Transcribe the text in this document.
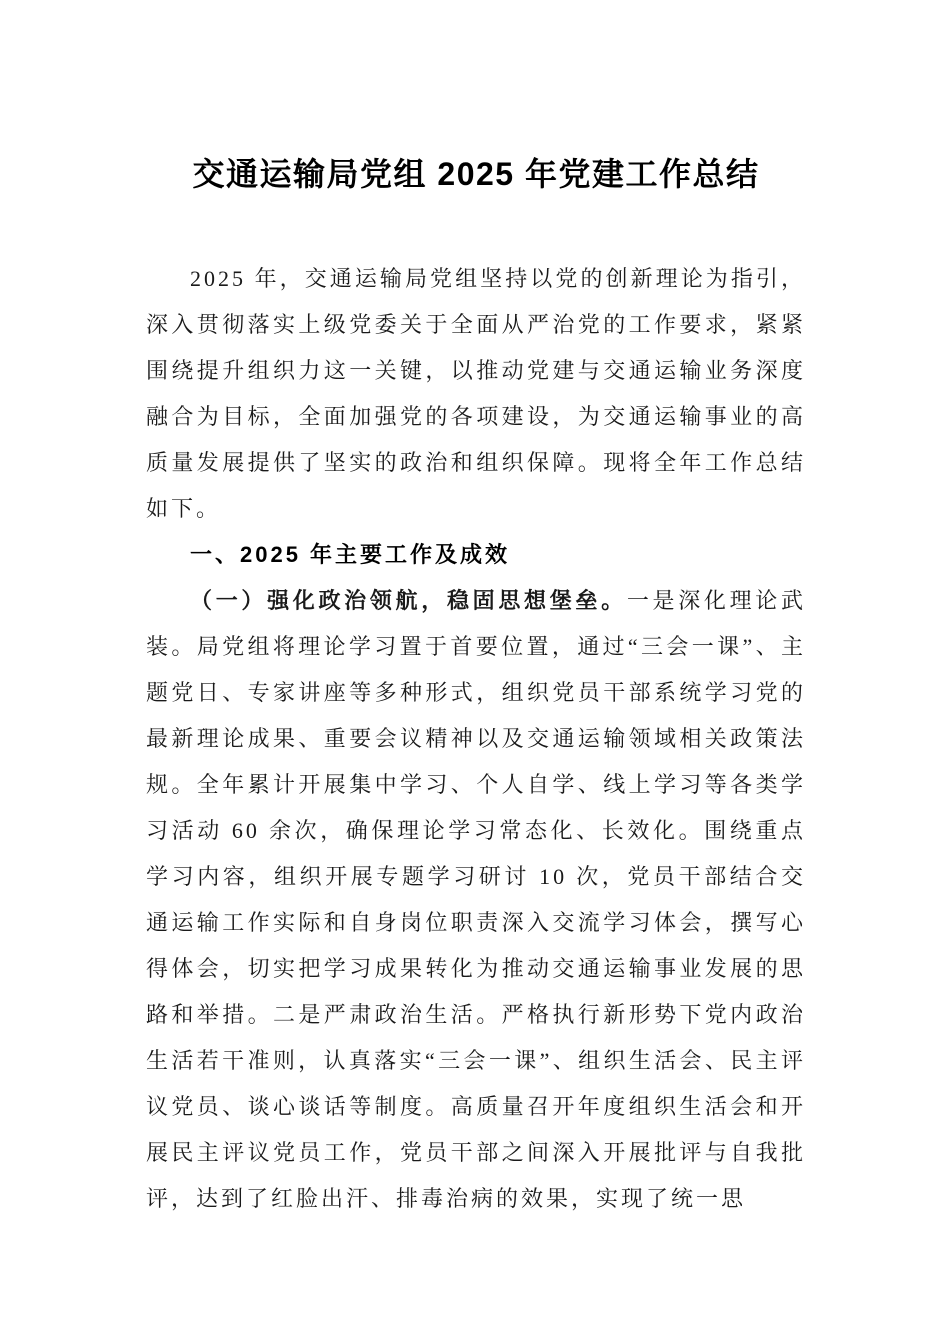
交通运输局党组 2025 年党建工作总结

2025 年，交通运输局党组坚持以党的创新理论为指引，深入贯彻落实上级党委关于全面从严治党的工作要求，紧紧围绕提升组织力这一关键，以推动党建与交通运输业务深度融合为目标，全面加强党的各项建设，为交通运输事业的高质量发展提供了坚实的政治和组织保障。现将全年工作总结如下。

一、2025 年主要工作及成效

（一）强化政治领航，稳固思想堡垒。一是深化理论武装。局党组将理论学习置于首要位置，通过“三会一课”、主题党日、专家讲座等多种形式，组织党员干部系统学习党的最新理论成果、重要会议精神以及交通运输领域相关政策法规。全年累计开展集中学习、个人自学、线上学习等各类学习活动 60 余次，确保理论学习常态化、长效化。围绕重点学习内容，组织开展专题学习研讨 10 次，党员干部结合交通运输工作实际和自身岗位职责深入交流学习体会，撰写心得体会，切实把学习成果转化为推动交通运输事业发展的思路和举措。二是严肃政治生活。严格执行新形势下党内政治生活若干准则，认真落实“三会一课”、组织生活会、民主评议党员、谈心谈话等制度。高质量召开年度组织生活会和开展民主评议党员工作，党员干部之间深入开展批评与自我批评，达到了红脸出汗、排毒治病的效果，实现了统一思
